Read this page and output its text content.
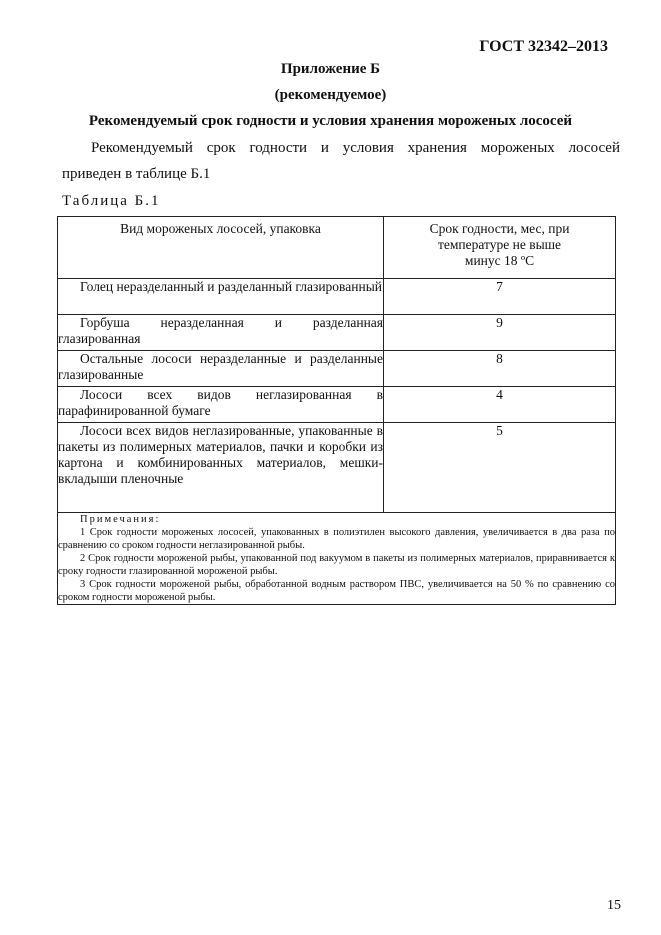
ГОСТ 32342–2013
Приложение Б
(рекомендуемое)
Рекомендуемый срок годности и условия хранения мороженых лососей
Рекомендуемый срок годности и условия хранения мороженых лососей
приведен в таблице Б.1
Таблица Б.1
Вид мороженых лососей, упаковка	Срок годности, мес, при температуре не выше минус 18 ºС

Голец неразделанный и разделанный глазированный	7

Горбуша неразделанная и разделанная глазированная	9

Остальные лососи неразделанные и разделанные глазированные	8

Лососи всех видов неглазированная в парафинированной бумаге	4

Лососи всех видов неглазированные, упакованные в пакеты из полимерных материалов, пачки и коробки из картона и комбинированных материалов, мешки-вкладыши пленочные	5

Примечания:
1 Срок годности мороженых лососей, упакованных в полиэтилен высокого давления, увеличивается в два раза по сравнению со сроком годности неглазированной рыбы.
2 Срок годности мороженой рыбы, упакованной под вакуумом в пакеты из полимерных материалов, приравнивается к сроку годности глазированной мороженой рыбы.
3 Срок годности мороженой рыбы, обработанной водным раствором ПВС, увеличивается на 50 % по сравнению со сроком годности мороженой рыбы.	
15
